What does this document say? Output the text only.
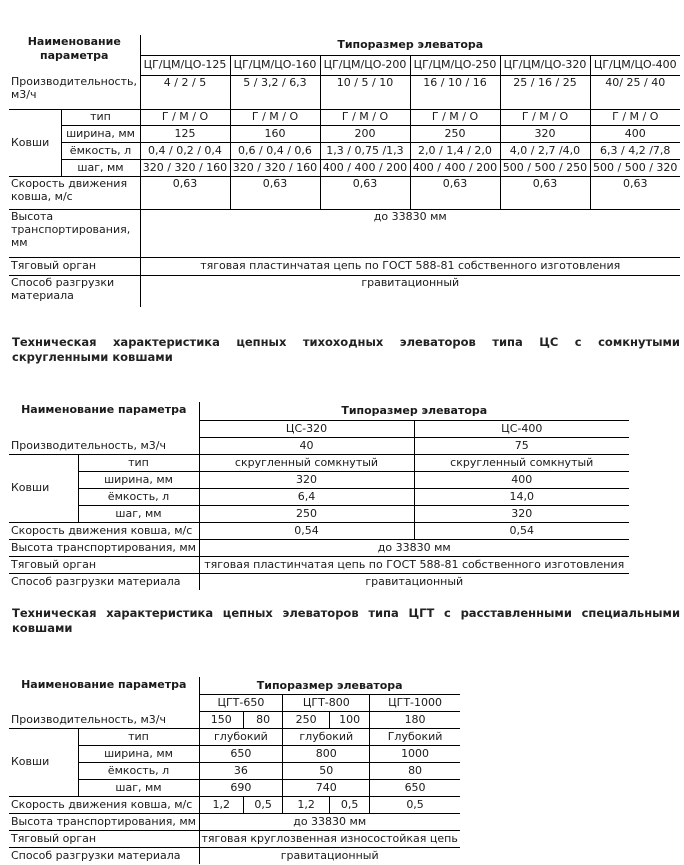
Наименование параметра		Типоразмер элеватора					
		ЦГ/ЦМ/ЦО-125	ЦГ/ЦМ/ЦО-160	ЦГ/ЦМ/ЦО-200	ЦГ/ЦМ/ЦО-250	ЦГ/ЦМ/ЦО-320	ЦГ/ЦМ/ЦО-400

Производительность, м3/ч		4 / 2 / 5	5 / 3,2 / 6,3	10 / 5 / 10	16 / 10 / 16	25 / 16 / 25	40/ 25 / 40
Ковши	тип	Г / М / О	Г / М / О	Г / М / О	Г / М / О	Г / М / О	Г / М / О
	ширина, мм	125	160	200	250	320	400
	ёмкость, л	0,4 / 0,2 / 0,4	0,6 / 0,4 / 0,6	1,3 / 0,75 /1,3	2,0 / 1,4 / 2,0	4,0 / 2,7 /4,0	6,3 / 4,2 /7,8
	шаг, мм	320 / 320 / 160	320 / 320 / 160	400 / 400 / 200	400 / 400 / 200	500 / 500 / 250	500 / 500 / 320

Скорость движения ковша, м/с		0,63	0,63	0,63	0,63	0,63	0,63

Высота транспортирования, мм		до 33830 мм					
Тяговый орган		тяговая пластинчатая цепь по ГОСТ 588-81 собственного изготовления					

Способ разгрузки материала		гравитационный					
Техническая характеристика цепных тихоходных элеваторов типа ЦС с сомкнутыми скругленными ковшами
Наименование параметра		Типоразмер элеватора	
		ЦС-320	ЦС-400
Производительность, м3/ч		40	75
Ковши	тип	скругленный сомкнутый	скругленный сомкнутый
	ширина, мм	320	400
	ёмкость, л	6,4	14,0
	шаг, мм	250	320
Скорость движения ковша, м/с		0,54	0,54
Высота транспортирования, мм		до 33830 мм	
Тяговый орган		тяговая пластинчатая цепь по ГОСТ 588-81 собственного изготовления	
Способ разгрузки материала		гравитационный	
Техническая характеристика цепных элеваторов типа ЦГТ с расставленными специальными ковшами
Наименование параметра		Типоразмер элеватора				
		ЦГТ-650		ЦГТ-800		ЦГТ-1000
Производительность, м3/ч		150	80	250	100	180
Ковши	тип	глубокий		глубокий		Глубокий
	ширина, мм	650		800		1000
	ёмкость, л	36		50		80
	шаг, мм	690		740		650
Скорость движения ковша, м/с		1,2	0,5	1,2	0,5	0,5
Высота транспортирования, мм		до 33830 мм				
Тяговый орган		тяговая круглозвенная износостойкая цепь				
Способ разгрузки материала		гравитационный				
